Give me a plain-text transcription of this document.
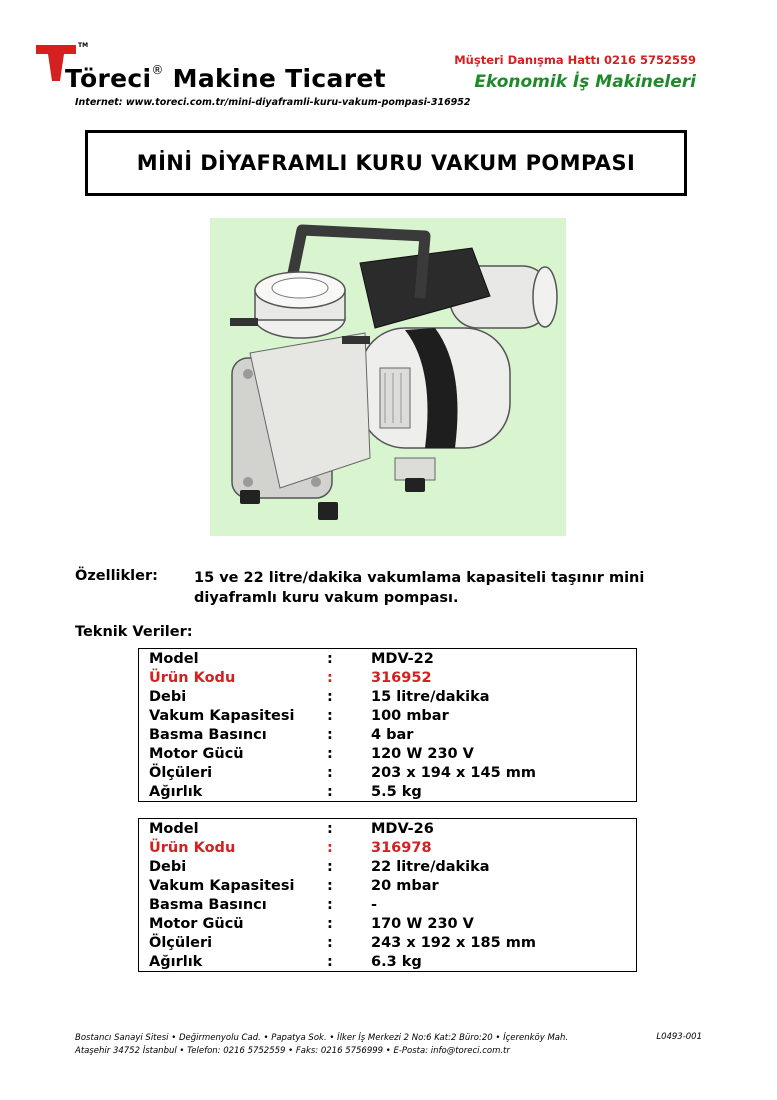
TM
Töreci® Makine Ticaret
Internet: www.toreci.com.tr/mini-diyaframli-kuru-vakum-pompasi-316952
Müşteri Danışma Hattı 0216 5752559
Ekonomik İş Makineleri
MİNİ DİYAFRAMLI KURU VAKUM POMPASI
Özellikler: 15 ve 22 litre/dakika vakumlama kapasiteli taşınır mini diyaframlı kuru vakum pompası.
Teknik Veriler:
Model	:	MDV-22
Ürün Kodu	:	316952
Debi	:	15 litre/dakika
Vakum Kapasitesi	:	100 mbar
Basma Basıncı	:	4 bar
Motor Gücü	:	120 W 230 V
Ölçüleri	:	203 x 194 x 145 mm
Ağırlık	:	5.5 kg
Model	:	MDV-26
Ürün Kodu	:	316978
Debi	:	22 litre/dakika
Vakum Kapasitesi	:	20 mbar
Basma Basıncı	:	-
Motor Gücü	:	170 W 230 V
Ölçüleri	:	243 x 192 x 185 mm
Ağırlık	:	6.3 kg
Bostancı Sanayi Sitesi • Değirmenyolu Cad. • Papatya Sok. • İlker İş Merkezi 2 No:6 Kat:2 Büro:20 • İçerenköy Mah.
Ataşehir 34752 İstanbul • Telefon: 0216 5752559 • Faks: 0216 5756999 • E-Posta: info@toreci.com.tr
L0493-001
